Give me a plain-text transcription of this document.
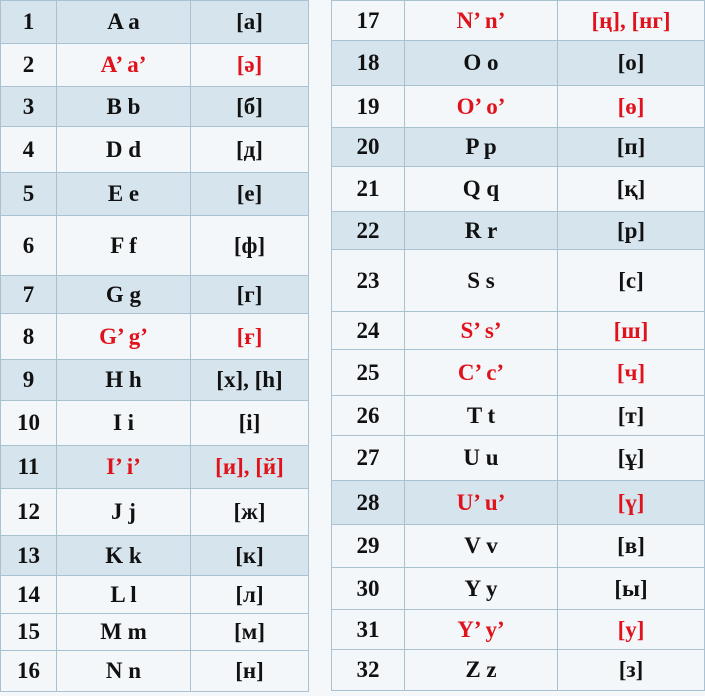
1	A a	[а]
2	A’ a’	[ә]
3	B b	[б]
4	D d	[д]
5	E e	[е]
6	F f	[ф]
7	G g	[г]
8	G’ g’	[ғ]
9	H h	[х], [h]
10	I i	[і]
11	I’ i’	[и], [й]
12	J j	[ж]
13	K k	[к]
14	L l	[л]
15	M m	[м]
16	N n	[н]
17	N’ n’	[ң], [нг]
18	O o	[о]
19	O’ o’	[ө]
20	P p	[п]
21	Q q	[қ]
22	R r	[р]
23	S s	[с]
24	S’ s’	[ш]
25	C’ c’	[ч]
26	T t	[т]
27	U u	[ұ]
28	U’ u’	[ү]
29	V v	[в]
30	Y y	[ы]
31	Y’ y’	[у]
32	Z z	[з]
